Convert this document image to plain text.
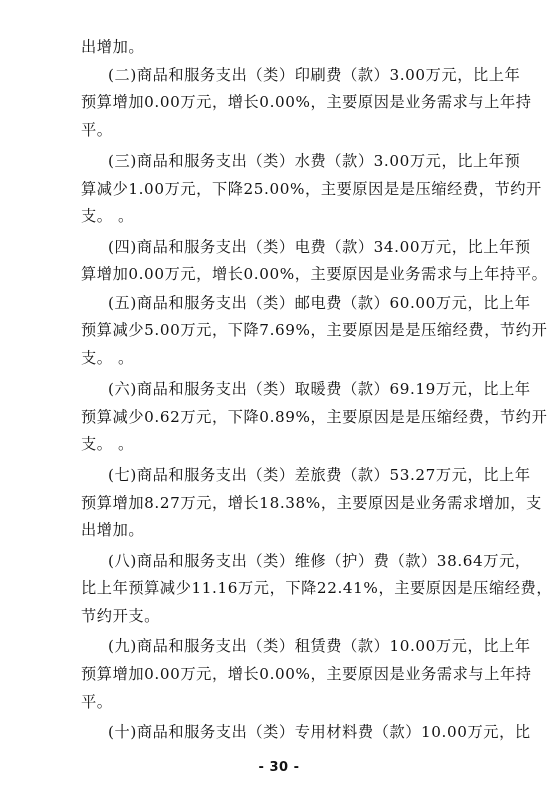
出增加。
(二)商品和服务支出（类）印刷费（款）3.00万元，比上年
预算增加0.00万元，增长0.00%，主要原因是业务需求与上年持
平。
(三)商品和服务支出（类）水费（款）3.00万元，比上年预
算减少1.00万元，下降25.00%，主要原因是是压缩经费，节约开
支。 。
(四)商品和服务支出（类）电费（款）34.00万元，比上年预
算增加0.00万元，增长0.00%，主要原因是业务需求与上年持平。
(五)商品和服务支出（类）邮电费（款）60.00万元，比上年
预算减少5.00万元，下降7.69%，主要原因是是压缩经费，节约开
支。 。
(六)商品和服务支出（类）取暖费（款）69.19万元，比上年
预算减少0.62万元，下降0.89%，主要原因是是压缩经费，节约开
支。 。
(七)商品和服务支出（类）差旅费（款）53.27万元，比上年
预算增加8.27万元，增长18.38%，主要原因是业务需求增加，支
出增加。
(八)商品和服务支出（类）维修（护）费（款）38.64万元，
比上年预算减少11.16万元，下降22.41%，主要原因是压缩经费，
节约开支。
(九)商品和服务支出（类）租赁费（款）10.00万元，比上年
预算增加0.00万元，增长0.00%，主要原因是业务需求与上年持
平。
(十)商品和服务支出（类）专用材料费（款）10.00万元，比
- 30 -
